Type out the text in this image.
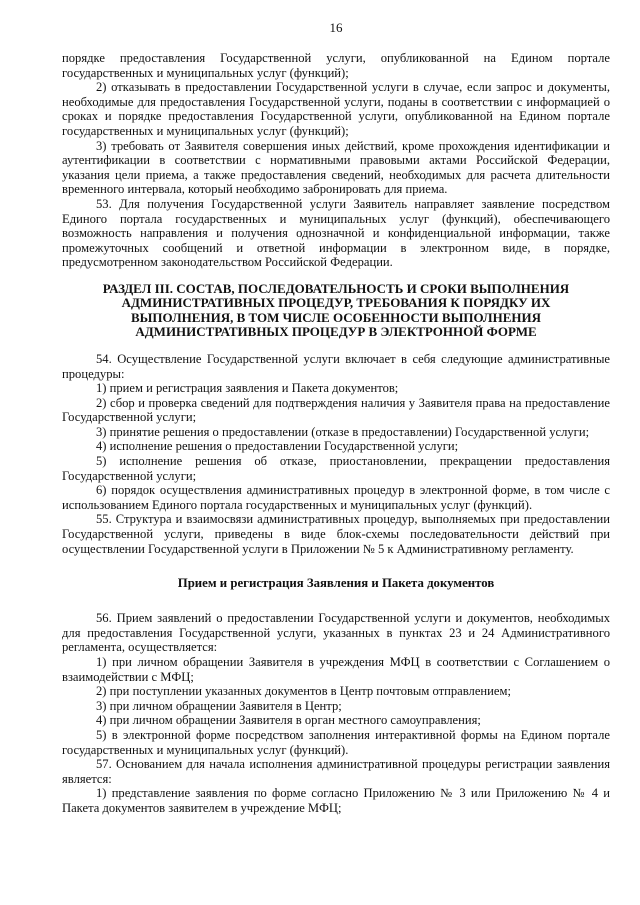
16

порядке предоставления Государственной услуги, опубликованной на Едином портале государственных и муниципальных услуг (функций);

2) отказывать в предоставлении Государственной услуги в случае, если запрос и документы, необходимые для предоставления Государственной услуги, поданы в соответствии с информацией о сроках и порядке предоставления Государственной услуги, опубликованной на Едином портале государственных и муниципальных услуг (функций);

3) требовать от Заявителя совершения иных действий, кроме прохождения идентификации и аутентификации в соответствии с нормативными правовыми актами Российской Федерации, указания цели приема, а также предоставления сведений, необходимых для расчета длительности временного интервала, который необходимо забронировать для приема.

53. Для получения Государственной услуги Заявитель направляет заявление посредством Единого портала государственных и муниципальных услуг (функций), обеспечивающего возможность направления и получения однозначной и конфиденциальной информации, также промежуточных сообщений и ответной информации в электронном виде, в порядке, предусмотренном законодательством Российской Федерации.

РАЗДЕЛ III. СОСТАВ, ПОСЛЕДОВАТЕЛЬНОСТЬ И СРОКИ ВЫПОЛНЕНИЯ АДМИНИСТРАТИВНЫХ ПРОЦЕДУР, ТРЕБОВАНИЯ К ПОРЯДКУ ИХ ВЫПОЛНЕНИЯ, В ТОМ ЧИСЛЕ ОСОБЕННОСТИ ВЫПОЛНЕНИЯ АДМИНИСТРАТИВНЫХ ПРОЦЕДУР В ЭЛЕКТРОННОЙ ФОРМЕ

54. Осуществление Государственной услуги включает в себя следующие административные процедуры:

1) прием и регистрация заявления и Пакета документов;

2) сбор и проверка сведений для подтверждения наличия у Заявителя права на предоставление Государственной услуги;

3) принятие решения о предоставлении (отказе в предоставлении) Государственной услуги;

4) исполнение решения о предоставлении Государственной услуги;

5) исполнение решения об отказе, приостановлении, прекращении предоставления Государственной услуги;

6) порядок осуществления административных процедур в электронной форме, в том числе с использованием Единого портала государственных и муниципальных услуг (функций).

55. Структура и взаимосвязи административных процедур, выполняемых при предоставлении Государственной услуги, приведены в виде блок-схемы последовательности действий при осуществлении Государственной услуги в Приложении № 5 к Административному регламенту.

Прием и регистрация Заявления и Пакета документов

56. Прием заявлений о предоставлении Государственной услуги и документов, необходимых для предоставления Государственной услуги, указанных в пунктах 23 и 24 Административного регламента, осуществляется:

1) при личном обращении Заявителя в учреждения МФЦ в соответствии с Соглашением о взаимодействии с МФЦ;

2) при поступлении указанных документов в Центр почтовым отправлением;

3) при личном обращении Заявителя в Центр;

4) при личном обращении Заявителя в орган местного самоуправления;

5) в электронной форме посредством заполнения интерактивной формы на Едином портале государственных и муниципальных услуг (функций).

57. Основанием для начала исполнения административной процедуры регистрации заявления является:

1) представление заявления по форме согласно Приложению № 3 или Приложению № 4 и Пакета документов заявителем в учреждение МФЦ;
